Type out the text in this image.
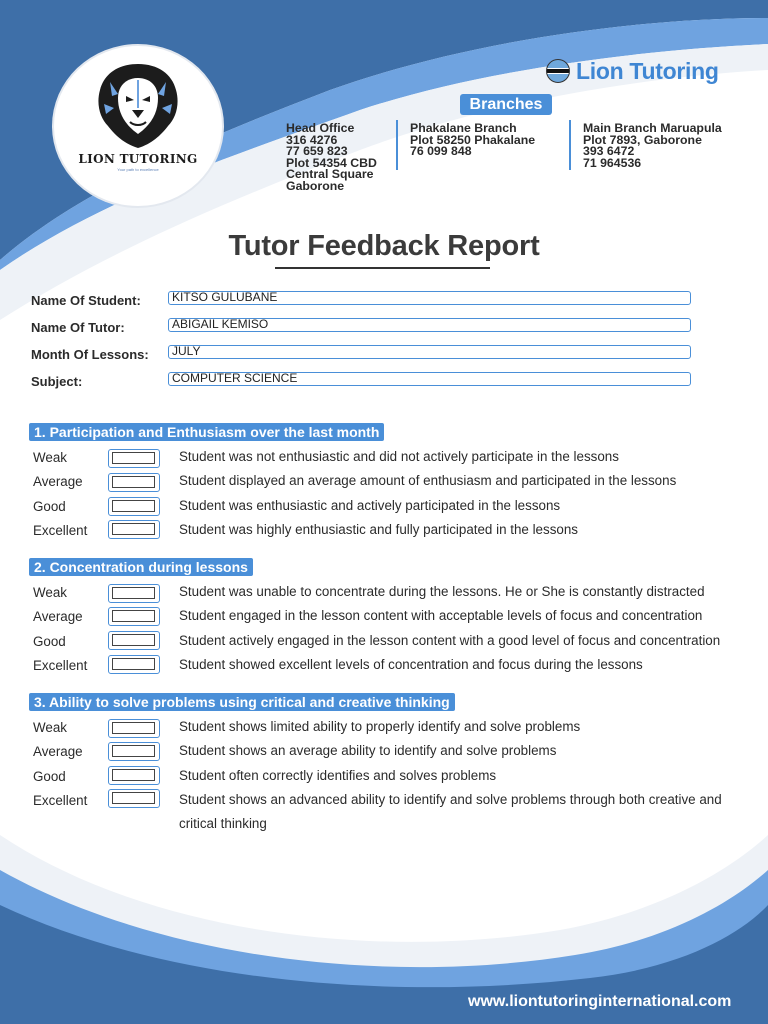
LION TUTORING
Your path to excellence
Lion Tutoring
Branches
Head Office
316 4276
77 659 823
Plot 54354 CBD
Central Square
Gaborone
Phakalane Branch
Plot 58250 Phakalane
76 099 848
Main Branch Maruapula
Plot 7893, Gaborone
393 6472
71 964536
Tutor Feedback Report
Name Of Student:	KITSO GULUBANE
Name Of Tutor:	ABIGAIL KEMISO
Month Of Lessons: JULY
Subject:	COMPUTER SCIENCE
1. Participation and Enthusiasm over the last month
Weak	Student was not enthusiastic and did not actively participate in the lessons
Average	Student displayed an average amount of enthusiasm and participated in the lessons
Good	Student was enthusiastic and actively participated in the lessons
Excellent	Student was highly enthusiastic and fully participated in the lessons
2. Concentration during lessons
Weak	Student was unable to concentrate during the lessons. He or She is constantly distracted
Average	Student engaged in the lesson content with acceptable levels of focus and concentration
Good	Student actively engaged in the lesson content with a good level of focus and concentration
Excellent	Student showed excellent levels of concentration and focus during the lessons
3. Ability to solve problems using critical and creative thinking
Weak	Student shows limited ability to properly identify and solve problems
Average	Student shows an average ability to identify and solve problems
Good	Student often correctly identifies and solves problems
Excellent	Student shows an advanced ability to identify and solve problems through both creative and critical thinking
www.liontutoringinternational.com
